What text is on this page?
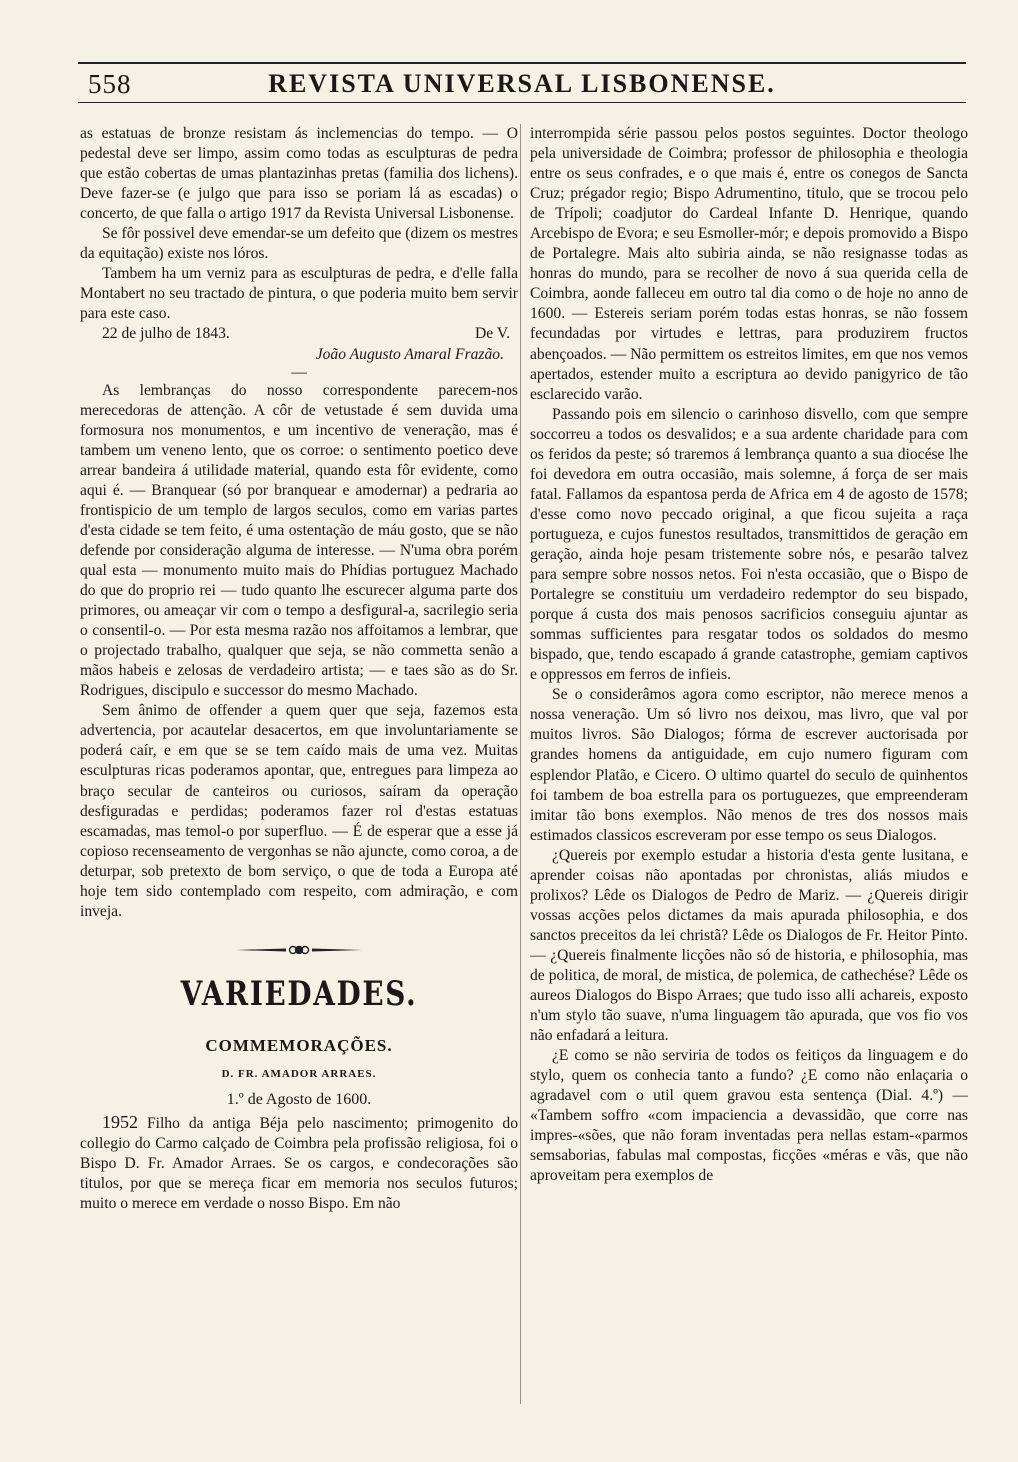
558	REVISTA UNIVERSAL LISBONENSE.

as estatuas de bronze resistam ás inclemencias do tempo. — O pedestal deve ser limpo, assim como todas as esculpturas de pedra que estão cobertas de umas plantazinhas pretas (familia dos lichens). Deve fazer-se (e julgo que para isso se poriam lá as escadas) o concerto, de que falla o artigo 1917 da Revista Universal Lisbonense.

Se fôr possivel deve emendar-se um defeito que (dizem os mestres da equitação) existe nos lóros.

Tambem ha um verniz para as esculpturas de pedra, e d'elle falla Montabert no seu tractado de pintura, o que poderia muito bem servir para este caso.

22 de julho de 1843.	De V.
João Augusto Amaral Frazão.
—

As lembranças do nosso correspondente parecem-nos merecedoras de attenção. A côr de vetustade é sem duvida uma formosura nos monumentos, e um incentivo de veneração, mas é tambem um veneno lento, que os corroe: o sentimento poetico deve arrear bandeira á utilidade material, quando esta fôr evidente, como aqui é. — Branquear (só por branquear e amodernar) a pedraria ao frontispicio de um templo de largos seculos, como em varias partes d'esta cidade se tem feito, é uma ostentação de máu gosto, que se não defende por consideração alguma de interesse. — N'uma obra porém qual esta — monumento muito mais do Phídias portuguez Machado do que do proprio rei — tudo quanto lhe escurecer alguma parte dos primores, ou ameaçar vir com o tempo a desfigural-a, sacrilegio seria o consentil-o. — Por esta mesma razão nos affoitamos a lembrar, que o projectado trabalho, qualquer que seja, se não commetta senão a mãos habeis e zelosas de verdadeiro artista; — e taes são as do Sr. Rodrigues, discipulo e successor do mesmo Machado.

Sem ânimo de offender a quem quer que seja, fazemos esta advertencia, por acautelar desacertos, em que involuntariamente se poderá caír, e em que se se tem caído mais de uma vez. Muitas esculpturas ricas poderamos apontar, que, entregues para limpeza ao braço secular de canteiros ou curiosos, saíram da operação desfiguradas e perdidas; poderamos fazer rol d'estas estatuas escamadas, mas temol-o por superfluo. — É de esperar que a esse já copioso recenseamento de vergonhas se não ajuncte, como coroa, a de deturpar, sob pretexto de bom serviço, o que de toda a Europa até hoje tem sido contemplado com respeito, com admiração, e com inveja.

VARIEDADES.
COMMEMORAÇÕES.
D. FR. AMADOR ARRAES.
1.º de Agosto de 1600.

1952 Filho da antiga Béja pelo nascimento; primogenito do collegio do Carmo calçado de Coimbra pela profissão religiosa, foi o Bispo D. Fr. Amador Arraes. Se os cargos, e condecorações são titulos, por que se mereça ficar em memoria nos seculos futuros; muito o merece em verdade o nosso Bispo. Em não

interrompida série passou pelos postos seguintes. Doctor theologo pela universidade de Coimbra; professor de philosophia e theologia entre os seus confrades, e o que mais é, entre os conegos de Sancta Cruz; prégador regio; Bispo Adrumentino, titulo, que se trocou pelo de Trípoli; coadjutor do Cardeal Infante D. Henrique, quando Arcebispo de Evora; e seu Esmoller-mór; e depois promovido a Bispo de Portalegre. Mais alto subiria ainda, se não resignasse todas as honras do mundo, para se recolher de novo á sua querida cella de Coimbra, aonde falleceu em outro tal dia como o de hoje no anno de 1600. — Estereis seriam porém todas estas honras, se não fossem fecundadas por virtudes e lettras, para produzirem fructos abençoados. — Não permittem os estreitos limites, em que nos vemos apertados, estender muito a escriptura ao devido panigyrico de tão esclarecido varão.

Passando pois em silencio o carinhoso disvello, com que sempre soccorreu a todos os desvalidos; e a sua ardente charidade para com os feridos da peste; só traremos á lembrança quanto a sua diocése lhe foi devedora em outra occasião, mais solemne, á força de ser mais fatal. Fallamos da espantosa perda de Africa em 4 de agosto de 1578; d'esse como novo peccado original, a que ficou sujeita a raça portugueza, e cujos funestos resultados, transmittidos de geração em geração, ainda hoje pesam tristemente sobre nós, e pesarão talvez para sempre sobre nossos netos. Foi n'esta occasião, que o Bispo de Portalegre se constituiu um verdadeiro redemptor do seu bispado, porque á custa dos mais penosos sacrificios conseguiu ajuntar as sommas sufficientes para resgatar todos os soldados do mesmo bispado, que, tendo escapado á grande catastrophe, gemiam captivos e oppressos em ferros de infieis.

Se o considerâmos agora como escriptor, não merece menos a nossa veneração. Um só livro nos deixou, mas livro, que val por muitos livros. São Dialogos; fórma de escrever auctorisada por grandes homens da antiguidade, em cujo numero figuram com esplendor Platão, e Cicero. O ultimo quartel do seculo de quinhentos foi tambem de boa estrella para os portuguezes, que empreenderam imitar tão bons exemplos. Não menos de tres dos nossos mais estimados classicos escreveram por esse tempo os seus Dialogos.

¿Quereis por exemplo estudar a historia d'esta gente lusitana, e aprender coisas não apontadas por chronistas, aliás miudos e prolixos? Lêde os Dialogos de Pedro de Mariz. — ¿Quereis dirigir vossas acções pelos dictames da mais apurada philosophia, e dos sanctos preceitos da lei christã? Lêde os Dialogos de Fr. Heitor Pinto. — ¿Quereis finalmente licções não só de historia, e philosophia, mas de politica, de moral, de mistica, de polemica, de cathechése? Lêde os aureos Dialogos do Bispo Arraes; que tudo isso alli achareis, exposto n'um stylo tão suave, n'uma linguagem tão apurada, que vos fio vos não enfadará a leitura.

¿E como se não serviria de todos os feitiços da linguagem e do stylo, quem os conhecia tanto a fundo? ¿E como não enlaçaria o agradavel com o util quem gravou esta sentença (Dial. 4.º) — «Tambem soffro «com impaciencia a devassidão, que corre nas impres-«sões, que não foram inventadas pera nellas estam-«parmos semsaborias, fabulas mal compostas, ficções «méras e vãs, que não aproveitam pera exemplos de
